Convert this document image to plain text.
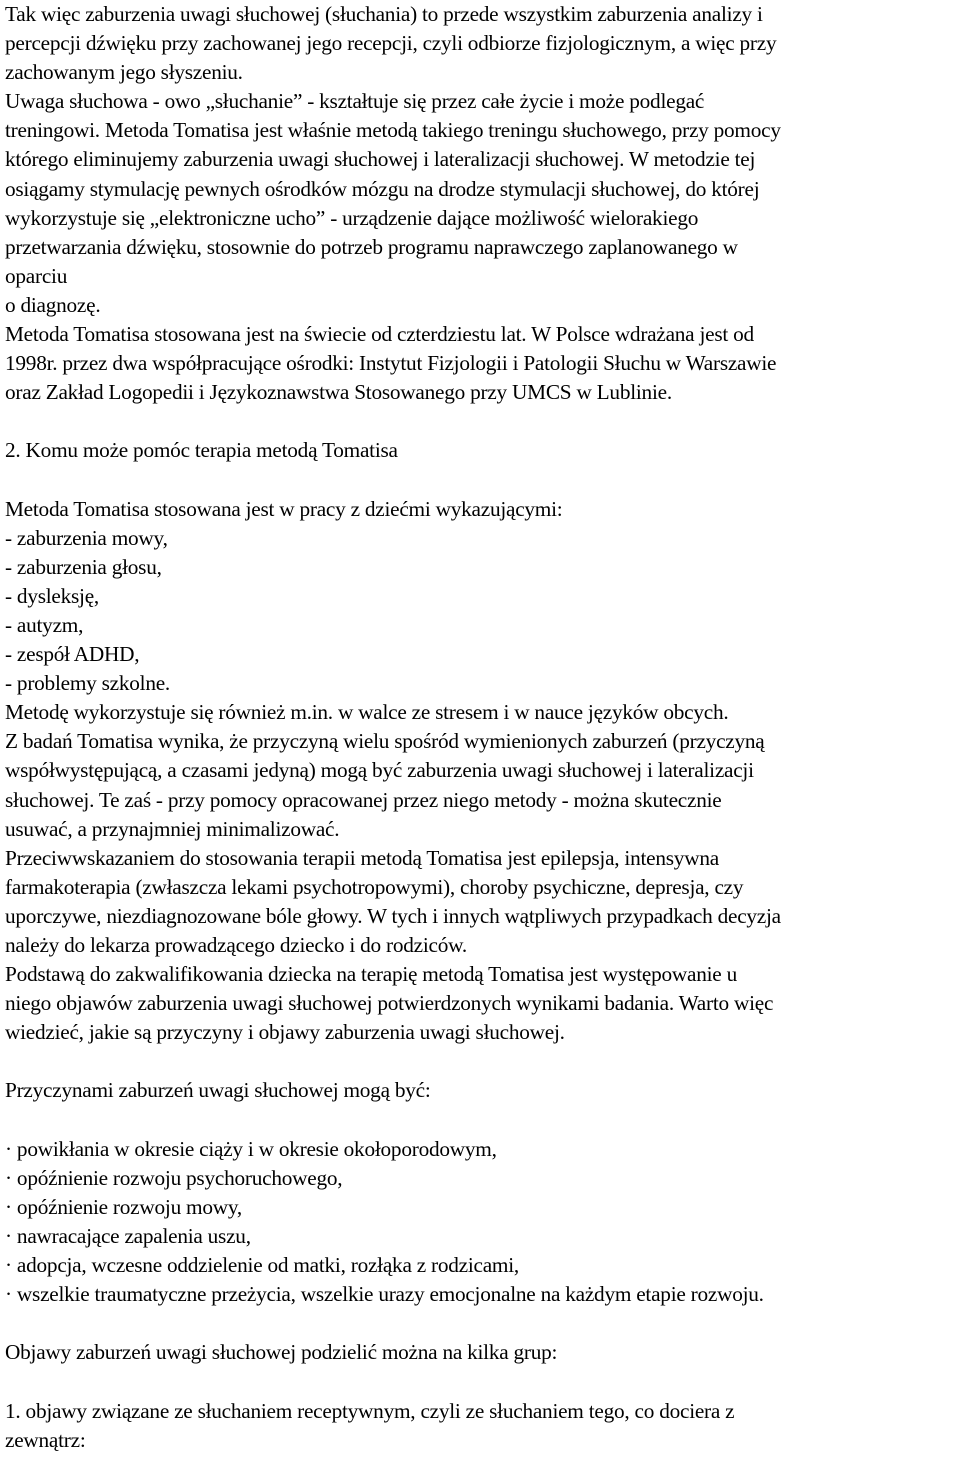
Tak więc zaburzenia uwagi słuchowej (słuchania) to przede wszystkim zaburzenia analizy i
percepcji dźwięku przy zachowanej jego recepcji, czyli odbiorze fizjologicznym, a więc przy
zachowanym jego słyszeniu.
Uwaga słuchowa - owo „słuchanie” - kształtuje się przez całe życie i może podlegać
treningowi. Metoda Tomatisa jest właśnie metodą takiego treningu słuchowego, przy pomocy
którego eliminujemy zaburzenia uwagi słuchowej i lateralizacji słuchowej. W metodzie tej
osiągamy stymulację pewnych ośrodków mózgu na drodze stymulacji słuchowej, do której
wykorzystuje się „elektroniczne ucho” - urządzenie dające możliwość wielorakiego
przetwarzania dźwięku, stosownie do potrzeb programu naprawczego zaplanowanego w
oparciu
o diagnozę.
Metoda Tomatisa stosowana jest na świecie od czterdziestu lat. W Polsce wdrażana jest od
1998r. przez dwa współpracujące ośrodki: Instytut Fizjologii i Patologii Słuchu w Warszawie
oraz Zakład Logopedii i Językoznawstwa Stosowanego przy UMCS w Lublinie.
2. Komu może pomóc terapia metodą Tomatisa
Metoda Tomatisa stosowana jest w pracy z dziećmi wykazującymi:
- zaburzenia mowy,
- zaburzenia głosu,
- dysleksję,
- autyzm,
- zespół ADHD,
- problemy szkolne.
Metodę wykorzystuje się również m.in. w walce ze stresem i w nauce języków obcych.
Z badań Tomatisa wynika, że przyczyną wielu spośród wymienionych zaburzeń (przyczyną
współwystępującą, a czasami jedyną) mogą być zaburzenia uwagi słuchowej i lateralizacji
słuchowej. Te zaś - przy pomocy opracowanej przez niego metody - można skutecznie
usuwać, a przynajmniej minimalizować.
Przeciwwskazaniem do stosowania terapii metodą Tomatisa jest epilepsja, intensywna
farmakoterapia (zwłaszcza lekami psychotropowymi), choroby psychiczne, depresja, czy
uporczywe, niezdiagnozowane bóle głowy. W tych i innych wątpliwych przypadkach decyzja
należy do lekarza prowadzącego dziecko i do rodziców.
Podstawą do zakwalifikowania dziecka na terapię metodą Tomatisa jest występowanie u
niego objawów zaburzenia uwagi słuchowej potwierdzonych wynikami badania. Warto więc
wiedzieć, jakie są przyczyny i objawy zaburzenia uwagi słuchowej.
Przyczynami zaburzeń uwagi słuchowej mogą być:
· powikłania w okresie ciąży i w okresie okołoporodowym,
· opóźnienie rozwoju psychoruchowego,
· opóźnienie rozwoju mowy,
· nawracające zapalenia uszu,
· adopcja, wczesne oddzielenie od matki, rozłąka z rodzicami,
· wszelkie traumatyczne przeżycia, wszelkie urazy emocjonalne na każdym etapie rozwoju.
Objawy zaburzeń uwagi słuchowej podzielić można na kilka grup:
1. objawy związane ze słuchaniem receptywnym, czyli ze słuchaniem tego, co dociera z
zewnątrz:
